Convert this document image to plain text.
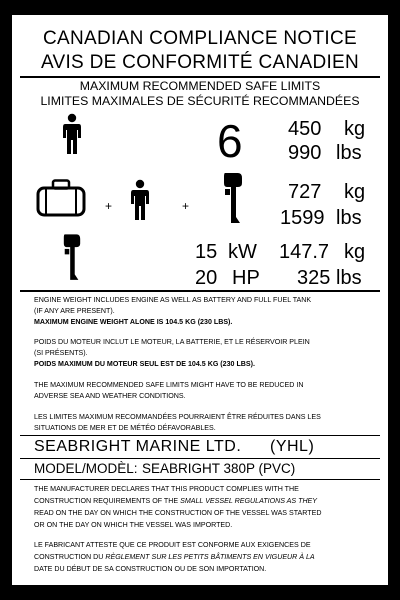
CANADIAN COMPLIANCE NOTICE
AVIS DE CONFORMITÉ CANADIEN
MAXIMUM RECOMMENDED SAFE LIMITS
LIMITES MAXIMALES DE SÉCURITÉ RECOMMANDÉES
6 450 kg
990 lbs
+	+
727 kg
1599 lbs
15 kW 147.7 kg
20 HP 325 lbs
ENGINE WEIGHT INCLUDES ENGINE AS WELL AS BATTERY AND FULL FUEL TANK
(IF ANY ARE PRESENT).
MAXIMUM ENGINE WEIGHT ALONE IS 104.5 KG (230 LBS).
POIDS DU MOTEUR INCLUT LE MOTEUR, LA BATTERIE, ET LE RÉSERVOIR PLEIN
(SI PRÉSENTS).
POIDS MAXIMUM DU MOTEUR SEUL EST DE 104.5 KG (230 LBS).
THE MAXIMUM RECOMMENDED SAFE LIMITS MIGHT HAVE TO BE REDUCED IN
ADVERSE SEA AND WEATHER CONDITIONS.
LES LIMITES MAXIMUM RECOMMANDÉES POURRAIENT ÊTRE RÉDUITES DANS LES
SITUATIONS DE MER ET DE MÉTÉO DÉFAVORABLES.
SEABRIGHT MARINE LTD. (YHL)
MODEL/MODÈL: SEABRIGHT 380P (PVC)
THE MANUFACTURER DECLARES THAT THIS PRODUCT COMPLIES WITH THE
CONSTRUCTION REQUIREMENTS OF THE SMALL VESSEL REGULATIONS AS THEY
READ ON THE DAY ON WHICH THE CONSTRUCTION OF THE VESSEL WAS STARTED
OR ON THE DAY ON WHICH THE VESSEL WAS IMPORTED.
LE FABRICANT ATTESTE QUE CE PRODUIT EST CONFORME AUX EXIGENCES DE
CONSTRUCTION DU RÈGLEMENT SUR LES PETITS BÂTIMENTS EN VIGUEUR À LA
DATE DU DÉBUT DE SA CONSTRUCTION OU DE SON IMPORTATION.
